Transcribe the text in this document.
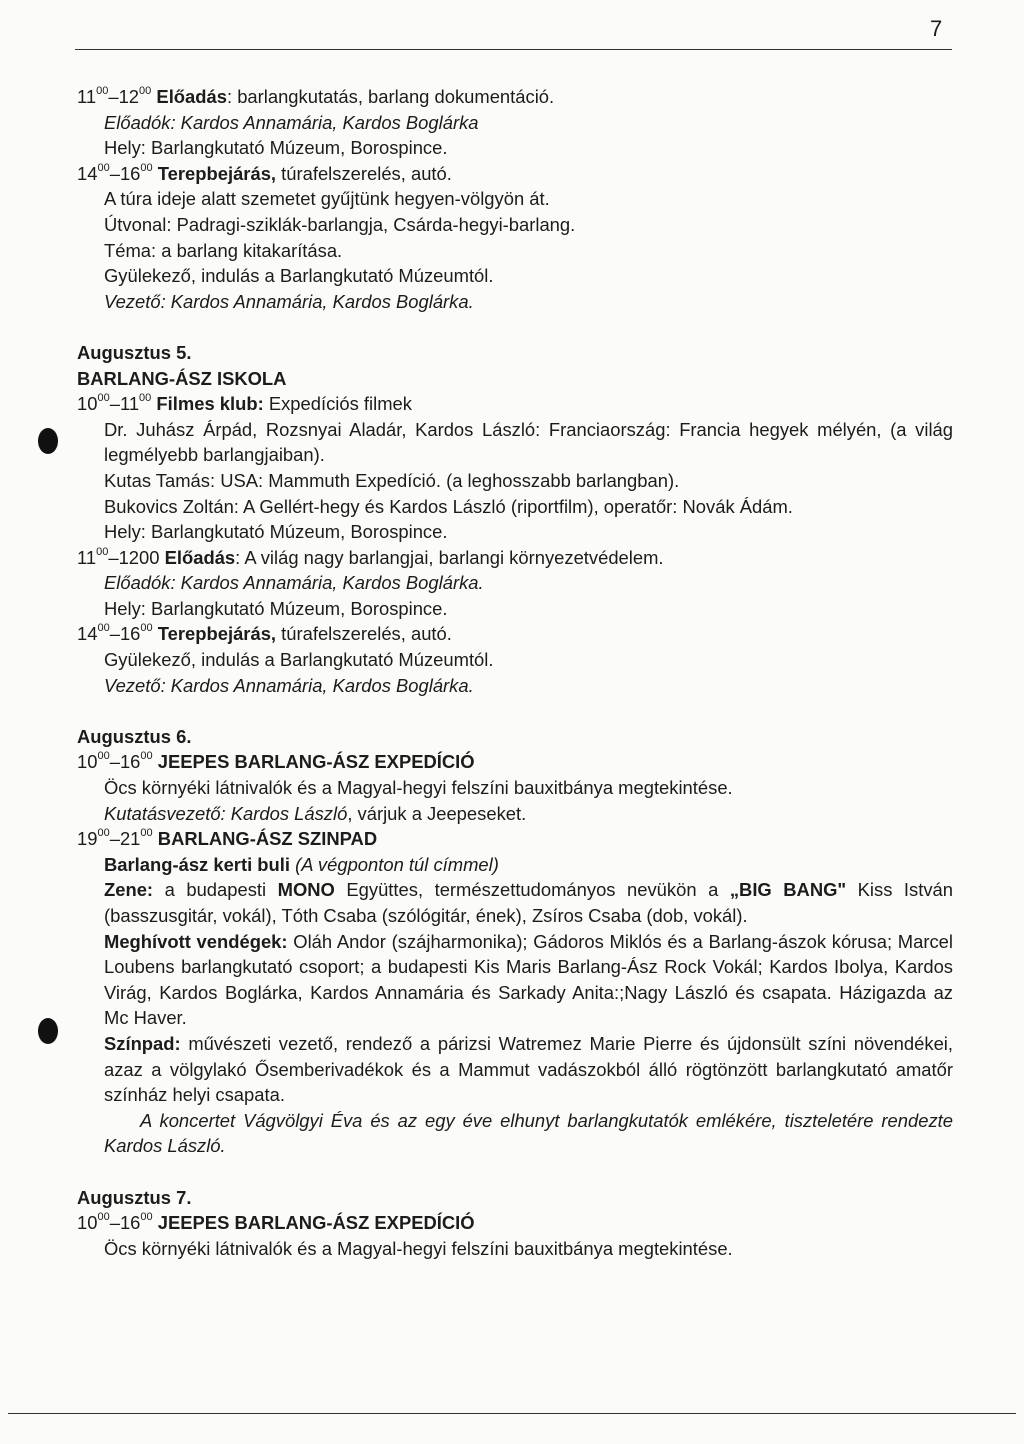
7

$11^{00}-12^{00}$ Előadás: barlangkutatás, barlang dokumentáció.

Előadók: Kardos Annamária, Kardos Boglárka

Hely: Barlangkutató Múzeum, Borospince.

$14^{00}-16^{00}$ Terepbejárás, túrafelszerelés, autó.

A túra ideje alatt szemetet gyűjtünk hegyen-völgyön át.

Útvonal: Padragi-sziklák-barlangja, Csárda-hegyi-barlang.

Téma: a barlang kitakarítása.

Gyülekező, indulás a Barlangkutató Múzeumtól.

Vezető: Kardos Annamária, Kardos Boglárka.

Augusztus 5.

BARLANG-ÁSZ ISKOLA

$10^{00}-11^{00}$ Filmes klub: Expedíciós filmek

Dr. Juhász Árpád, Rozsnyai Aladár, Kardos László: Franciaország: Francia hegyek mélyén, (a világ legmélyebb barlangjaiban).

Kutas Tamás: USA: Mammuth Expedíció. (a leghosszabb barlangban).

Bukovics Zoltán: A Gellért-hegy és Kardos László (riportfilm), operatőr: Novák Ádám.

Hely: Barlangkutató Múzeum, Borospince.

$11^{00}-1200$ Előadás: A világ nagy barlangjai, barlangi környezetvédelem.

Előadók: Kardos Annamária, Kardos Boglárka.

Hely: Barlangkutató Múzeum, Borospince.

$14^{00}-16^{00}$ Terepbejárás, túrafelszerelés, autó.

Gyülekező, indulás a Barlangkutató Múzeumtól.

Vezető: Kardos Annamária, Kardos Boglárka.

Augusztus 6.

$10^{00}-16^{00}$ JEEPES BARLANG-ÁSZ EXPEDÍCIÓ

Öcs környéki látnivalók és a Magyal-hegyi felszíni bauxitbánya megtekintése.

Kutatásvezető: Kardos László, várjuk a Jeepeseket.

$19^{00}-21^{00}$ BARLANG-ÁSZ SZINPAD

Barlang-ász kerti buli (A végponton túl címmel)

Zene: a budapesti MONO Együttes, természettudományos nevükön a „BIG BANG" Kiss István (basszusgitár, vokál), Tóth Csaba (szólógitár, ének), Zsíros Csaba (dob, vokál).

Meghívott vendégek: Oláh Andor (szájharmonika); Gádoros Miklós és a Barlang-ászok kórusa; Marcel Loubens barlangkutató csoport; a budapesti Kis Maris Barlang-Ász Rock Vokál; Kardos Ibolya, Kardos Virág, Kardos Boglárka, Kardos Annamária és Sarkady Anita:;Nagy László és csapata. Házigazda az Mc Haver.

Színpad: művészeti vezető, rendező a párizsi Watremez Marie Pierre és újdonsült színi növendékei, azaz a völgylakó Ősemberivadékok és a Mammut vadászokból álló rögtönzött barlangkutató amatőr színház helyi csapata.

A koncertet Vágvölgyi Éva és az egy éve elhunyt barlangkutatók emlékére, tiszteletére rendezte Kardos László.

Augusztus 7.

$10^{00}-16^{00}$ JEEPES BARLANG-ÁSZ EXPEDÍCIÓ

Öcs környéki látnivalók és a Magyal-hegyi felszíni bauxitbánya megtekintése.
